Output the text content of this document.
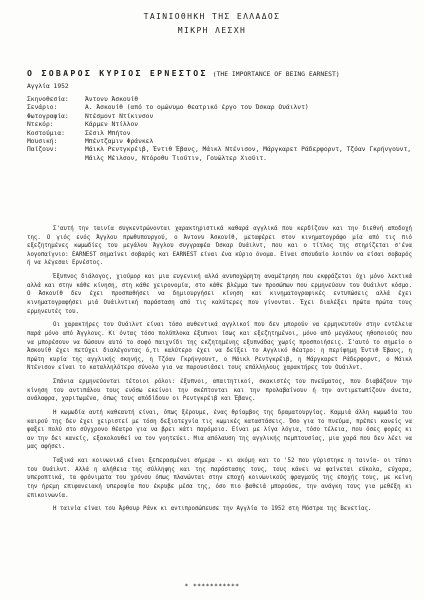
ΤΑΙΝΙΟΘΗΚΗ ΤΗΣ ΕΛΛΑΔΟΣ
ΜΙΚΡΗ ΛΕΣΧΗ
Ο ΣΟΒΑΡΟΣ ΚΥΡΙΟΣ ΕΡΝΕΣΤΟΣ (THE IMPORTANCE OF BEING EARNEST)
Αγγλία 1952
Σκηνοθεσία:	Άντονυ Άσκουίθ
Σενάριο:	Α. Άσκουίθ (από το ομώνυμο θεατρικό έργο του Όσκαρ Ουάιλντ)
Φωτογραφία:	Ντέσμοντ Ντίκινσον
Ντεκόρ:	Κάρμεν Ντίλλον
Κοστούμια:	Σέσιλ Μπήτον
Μουσική:	Μπέντζαμιν Φράνκελ
Παίζουν:	Μάικλ Ρεντγκρέιβ, Έντιθ Έβανς, Μάικλ Ντένισον, Μάργκαρετ Ράδερφορντ, Τζόαν Γκρήνγουντ, Μάιλς Μέιλσον, Ντόροθυ Τιούτιν, Γουώλτερ Χιούιτ.

Σ'αυτή την ταινία συγκεντρώνονται χαρακτηριστικά καθαρά αγγλικά που κερδίζουν και την διεθνή αποδοχή της. Ο γιός ενός Άγγλου πρωθυπουργού, ο Άντονυ Άσκουίθ, μεταφέρει στον κινηματογράφο μία από τις πιό εξεζητημένες κωμωδίες του μεγάλου Άγγλου συγγραφέα Όσκαρ Ουάιλντ, που και ο τίτλος της στηρίζεται σ'ένα λογοπαίγνιο: EARNEST σημαίνει σοβαρός και EARNEST είναι ένα κύριο όνομα. Είναι σπουδαίο λοιπόν να είσαι σοβαρός ή να λέγεσαι Ερνέστος.

Έξυπνος διάλογος, χιούμορ και μια ευγενική αλλά ανυποχώρητη αναμέτρηση που εκφράζεται όχι μόνο λεκτικά αλλά και στην κάθε κίνηση, στη κάθε χειρονομία, στο κάθε βλέμμα των προσώπων που ερμηνεύουν του Ουάιλντ κόσμο. Ο Άσκουίθ δεν έχει προσπαθήσει να δημιουργήσει κίνηση και κινηματογραφικές εντυπώσεις αλλά έχει κινηματογραφήσει μιά Ουάιλντική παράσταση από τις καλύτερες που γίνονται. Έχει διαλέξει πρώτα πρώτα τους ερμηνευτές του.

Οι χαρακτήρες του Ουάιλντ είναι τόσο αυθεντικά αγγλικοί που δεν μπορούν να ερμηνευτούν στην εντέλεια παρά μόνο από Άγγλους. Κι όντας τόσο πολύπλοκα έξυπνοι ίσως και εξεζητημένοι, μόνο από μεγάλους ηθοποιούς που να μπορέσουν να δώσουν αυτό το σοφό παιχνίδι της εκζητημένης εξυπνάδας χωρίς προσποιήσεις. Σ'αυτό το σημείο ο Άσκουίθ έχει πετύχει διαλέγοντας ό,τι καλύτερο έχει να δείξει το Αγγλικό θέατρο: η περίφημη Έντιθ Έβανς, η πρώτη κυρία της αγγλικής σκηνής, η Τζόαν Γκρήνγουντ, ο Μάικλ Ρεντγκρέιβ, η Μάργκαρετ Ράδερφορντ, ο Μάικλ Ντένισον είναι το καταλληλότερο σύνολο για να παρουσιάσει τους επάλληλους χαρακτήρες του Ουάιλντ.

Σπάνια ερμηνεύονται τέτοιοι ρόλοι: έξυπνοι, απαιτητικοί, σκακιστές του πνεύματος, που διαβάζουν την κίνηση του αντιπάλου τους ενόσω εκείνοι την σκέπτονται και την προλαβαίνουν ή την αντιμετωπίζουν άνετα, ανάλαφρα, χαριτωμένα, όπως τους απόδίδουν οι Ρεντγκρέιβ και Έβανς.

Η κωμωδία αυτή καθεαυτή είναι, όπως ξέρουμε, ένας θρίαμβος της δραματουργίας. Καμμιά άλλη κωμωδία του καιρού της δεν έχει χειριστεί με τόση δεξιοτεχνία τις κωμικές καταστάσεις. Όσο για το πνεύμα, πρέπει κανείς να φαξει πολύ στο σύγχρονο θέατρο για να βρει κάτι παρόμοιο. Είναι με λίγα λόγια, τόσο τέλεια, που όσες φορές κι αν την δει κανείς, εξακολουθεί να τον γοητεύει. Μια απόλαυση της αγγλικής πεμπτουσίας, μια χαρά που δεν λέει να μας αφήσει.

Ταξικά και κοινωνικά είναι ξεπερασμένοι σήμερα - κι ακόμη και το '52 που γύριστηκε η ταινία- οι τύποι του Ουάιλντ. Αλλά η αλήθεια της σύλληψης και της παράστασης τους, τους κάνει να φαίνεται εύκολα, εύχαρα, υπεροπτικά, τα φρόνιματα του χρόνου όπως πλανώνται στην εποχή κοινωνικούς φραγμούς της εποχής τους, με κείνη την ήρεμη επιφανειακή υπεροψία που έκρυβε μέσα της, όσο πιο βαθειά μπορούσε, την ανάγκη τους για μεθέξη κι επικοινωνία.

Η ταινία είναι του Άρθουρ Ράνκ κι αντιπροσώπευσε την Αγγλία το 1952 στη Μόστρα της Βενετίας.

* ***********
